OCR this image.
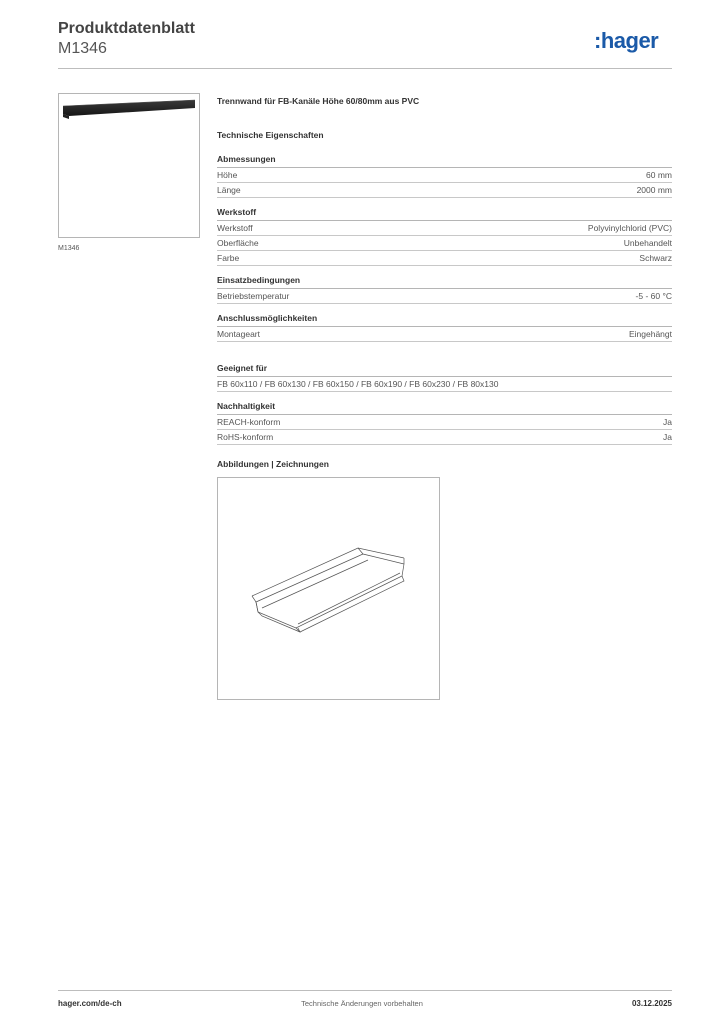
Produktdatenblatt
M1346	:hager
M1346
Trennwand für FB-Kanäle Höhe 60/80mm aus PVC
Technische Eigenschaften
Abmessungen
Höhe	60 mm
Länge	2000 mm
Werkstoff
Werkstoff	Polyvinylchlorid (PVC)
Oberfläche	Unbehandelt
Farbe	Schwarz
Einsatzbedingungen
Betriebstemperatur	-5 - 60 °C
Anschlussmöglichkeiten
Montageart	Eingehängt
Geeignet für
FB 60x110 / FB 60x130 / FB 60x150 / FB 60x190 / FB 60x230 / FB 80x130
Nachhaltigkeit
REACH-konform	Ja
RoHS-konform	Ja
Abbildungen | Zeichnungen
hager.com/de-ch	Technische Änderungen vorbehalten	03.12.2025
